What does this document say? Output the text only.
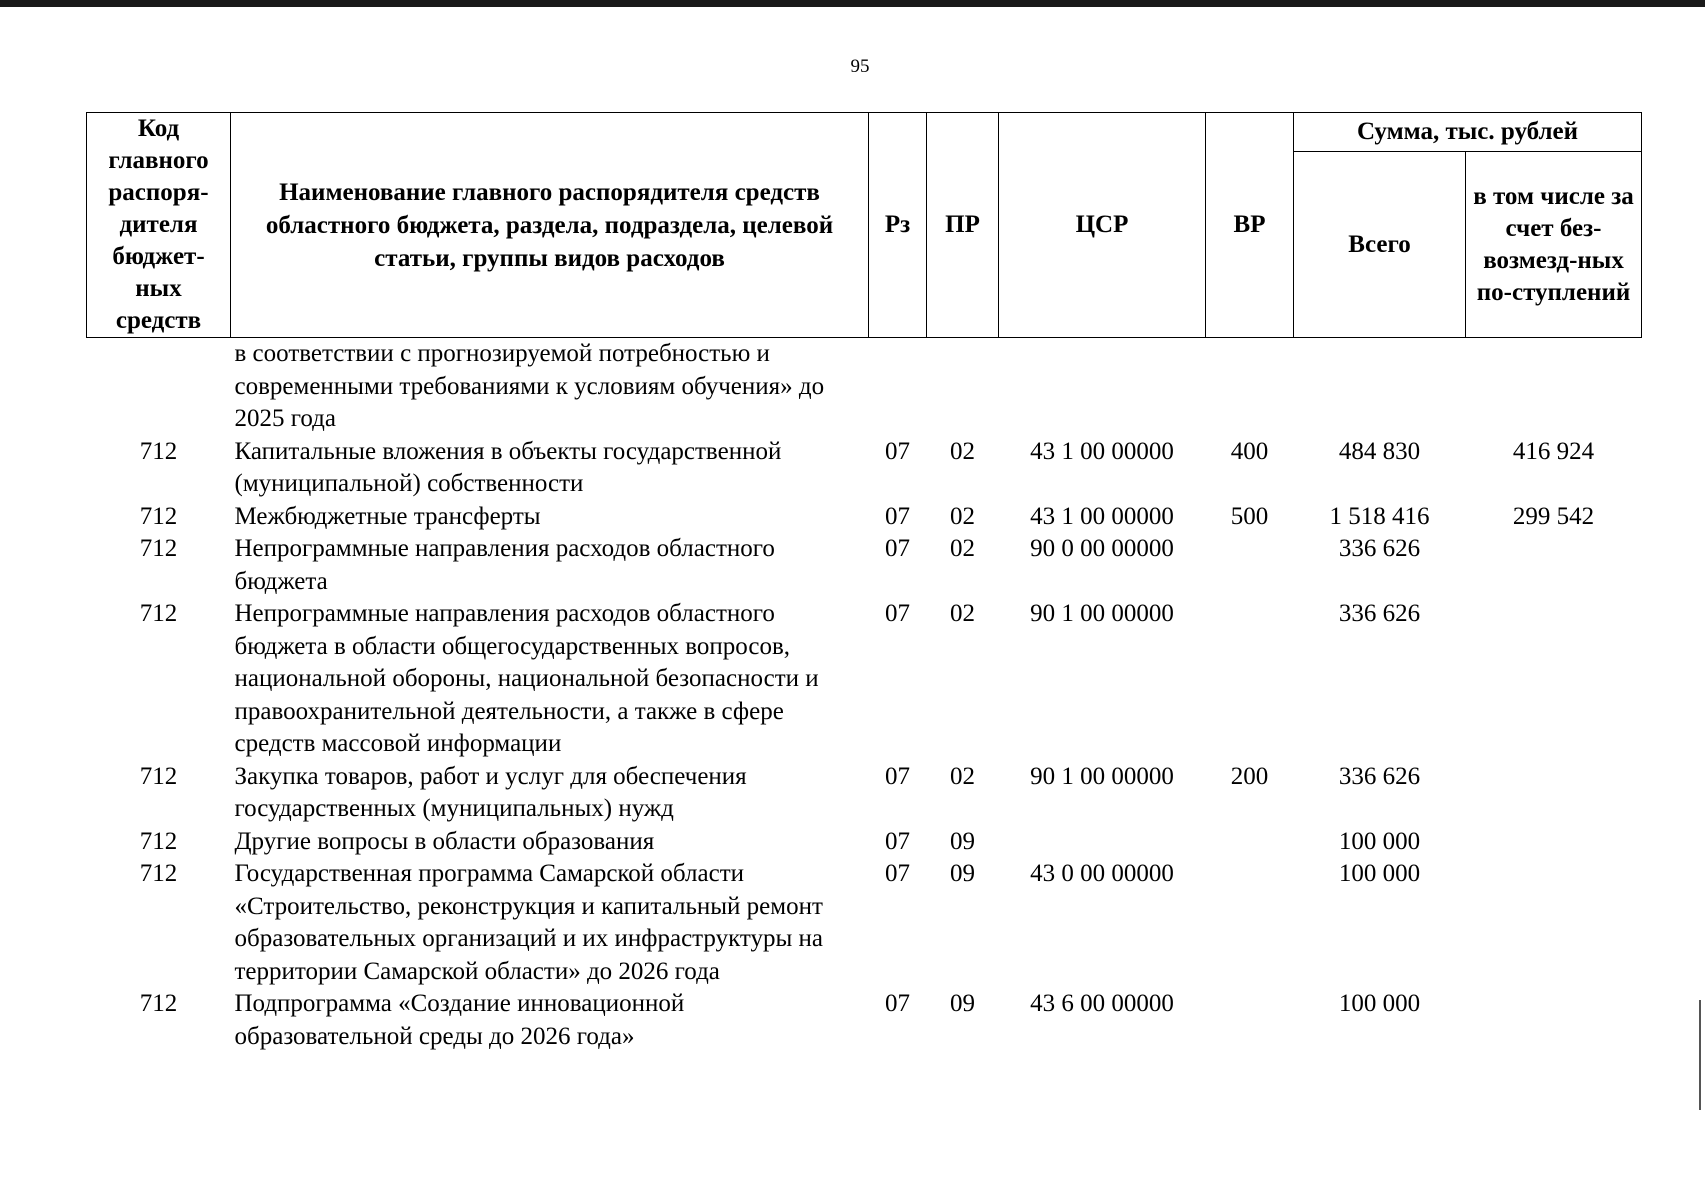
95
Код главного распоря-дителя бюджет-ных средств	Наименование главного распорядителя средств областного бюджета, раздела, подраздела, целевой статьи, группы видов расходов	Рз	ПР	ЦСР	ВР	Сумма, тыс. рублей	
						Всего	в том числе за счет без-возмезд-ных по-ступлений
	в соответствии с прогнозируемой потребностью и современными требованиями к условиям обучения» до 2025 года						
712	Капитальные вложения в объекты государственной (муниципальной) собственности	07	02	43 1 00 00000	400	484 830	416 924
712	Межбюджетные трансферты	07	02	43 1 00 00000	500	1 518 416	299 542
712	Непрограммные направления расходов областного бюджета	07	02	90 0 00 00000		336 626	
712	Непрограммные направления расходов областного бюджета в области общегосударственных вопросов, национальной обороны, национальной безопасности и правоохранительной деятельности, а также в сфере средств массовой информации	07	02	90 1 00 00000		336 626	
712	Закупка товаров, работ и услуг для обеспечения государственных (муниципальных) нужд	07	02	90 1 00 00000	200	336 626	
712	Другие вопросы в области образования	07	09			100 000	
712	Государственная программа Самарской области «Строительство, реконструкция и капитальный ремонт образовательных организаций и их инфраструктуры на территории Самарской области» до 2026 года	07	09	43 0 00 00000		100 000	
712	Подпрограмма «Создание инновационной образовательной среды до 2026 года»	07	09	43 6 00 00000		100 000	
